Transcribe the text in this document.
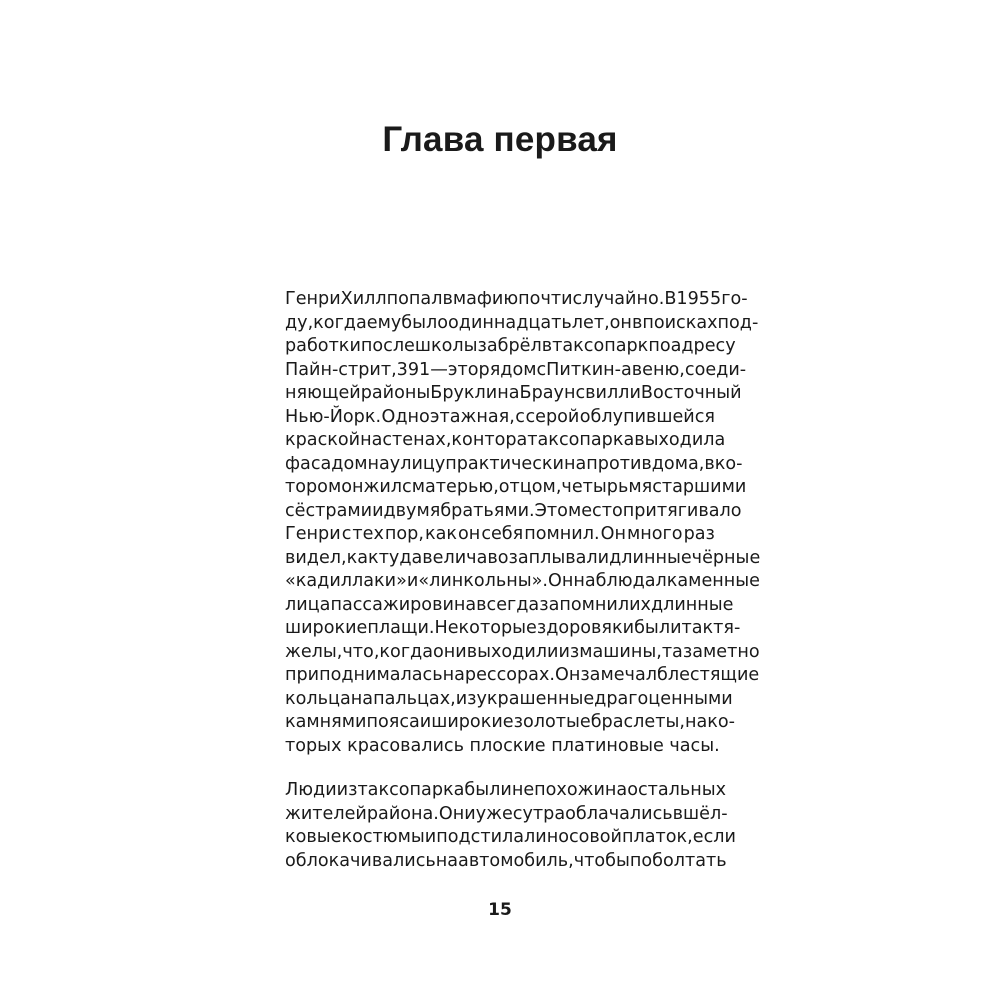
Глава первая
Генри Хилл попал в мафию почти случайно. В 1955 го-
ду, когда ему было одиннадцать лет, он в поисках под-
работки после школы забрёл в таксопарк по адресу
Пайн-стрит, 391 — это рядом с Питкин-авеню, соеди-
няющей районы Бруклина Браунсвилл и Восточный
Нью-Йорк. Одноэтажная, с серой облупившейся
краской на стенах, контора таксопарка выходила
фасадом на улицу практически напротив дома, в ко-
тором он жил с матерью, отцом, четырьмя старшими
сёстрами и двумя братьями. Это место притягивало
Генри с тех пор, как он себя помнил. Он много раз
видел, как туда величаво заплывали длинные чёрные
«кадиллаки» и «линкольны». Он наблюдал каменные
лица пассажиров и навсегда запомнил их длинные
широкие плащи. Некоторые здоровяки были так тя-
желы, что, когда они выходили из машины, та заметно
приподнималась на рессорах. Он замечал блестящие
кольца на пальцах, изукрашенные драгоценными
камнями пояса и широкие золотые браслеты, на ко-
торых красовались плоские платиновые часы.
Люди из таксопарка были не похожи на остальных
жителей района. Они уже с утра облачались в шёл-
ковые костюмы и подстилали носовой платок, если
облокачивались на автомобиль, чтобы поболтать
15
